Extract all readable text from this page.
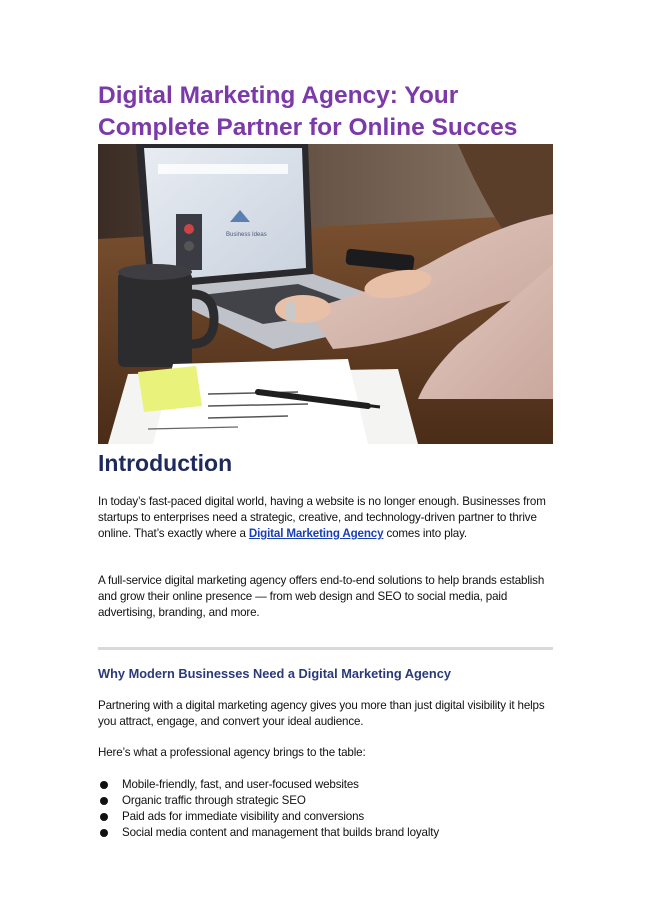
Digital Marketing Agency: Your Complete Partner for Online Succes
Business Ideas
Introduction

In today’s fast-paced digital world, having a website is no longer enough. Businesses from startups to enterprises need a strategic, creative, and technology-driven partner to thrive online. That’s exactly where a Digital Marketing Agency comes into play.

A full-service digital marketing agency offers end-to-end solutions to help brands establish and grow their online presence — from web design and SEO to social media, paid advertising, branding, and more.

Why Modern Businesses Need a Digital Marketing Agency

Partnering with a digital marketing agency gives you more than just digital visibility it helps you attract, engage, and convert your ideal audience.

Here’s what a professional agency brings to the table:

Mobile-friendly, fast, and user-focused websites
Organic traffic through strategic SEO
Paid ads for immediate visibility and conversions
Social media content and management that builds brand loyalty
